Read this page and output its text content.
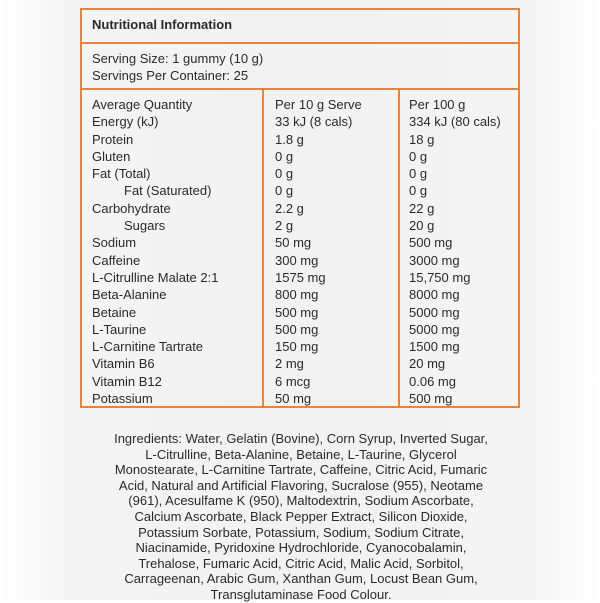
Nutritional Information
Serving Size: 1 gummy (10 g)
Servings Per Container: 25
Average Quantity	Per 10 g Serve	Per 100 g
Energy (kJ)	33 kJ (8 cals)	334 kJ (80 cals)
Protein	1.8 g	18 g
Gluten	0 g	0 g
Fat (Total)	0 g	0 g
Fat (Saturated)	0 g	0 g
Carbohydrate	2.2 g	22 g
Sugars	2 g	20 g
Sodium	50 mg	500 mg
Caffeine	300 mg	3000 mg
L-Citrulline Malate 2:1	1575 mg	15,750 mg
Beta-Alanine	800 mg	8000 mg
Betaine	500 mg	5000 mg
L-Taurine	500 mg	5000 mg
L-Carnitine Tartrate	150 mg	1500 mg
Vitamin B6	2 mg	20 mg
Vitamin B12	6 mcg	0.06 mg
Potassium	50 mg	500 mg
Ingredients: Water, Gelatin (Bovine), Corn Syrup, Inverted Sugar,
L-Citrulline, Beta-Alanine, Betaine, L-Taurine, Glycerol
Monostearate, L-Carnitine Tartrate, Caffeine, Citric Acid, Fumaric
Acid, Natural and Artificial Flavoring, Sucralose (955), Neotame
(961), Acesulfame K (950), Maltodextrin, Sodium Ascorbate,
Calcium Ascorbate, Black Pepper Extract, Silicon Dioxide,
Potassium Sorbate, Potassium, Sodium, Sodium Citrate,
Niacinamide, Pyridoxine Hydrochloride, Cyanocobalamin,
Trehalose, Fumaric Acid, Citric Acid, Malic Acid, Sorbitol,
Carrageenan, Arabic Gum, Xanthan Gum, Locust Bean Gum,
Transglutaminase Food Colour.
